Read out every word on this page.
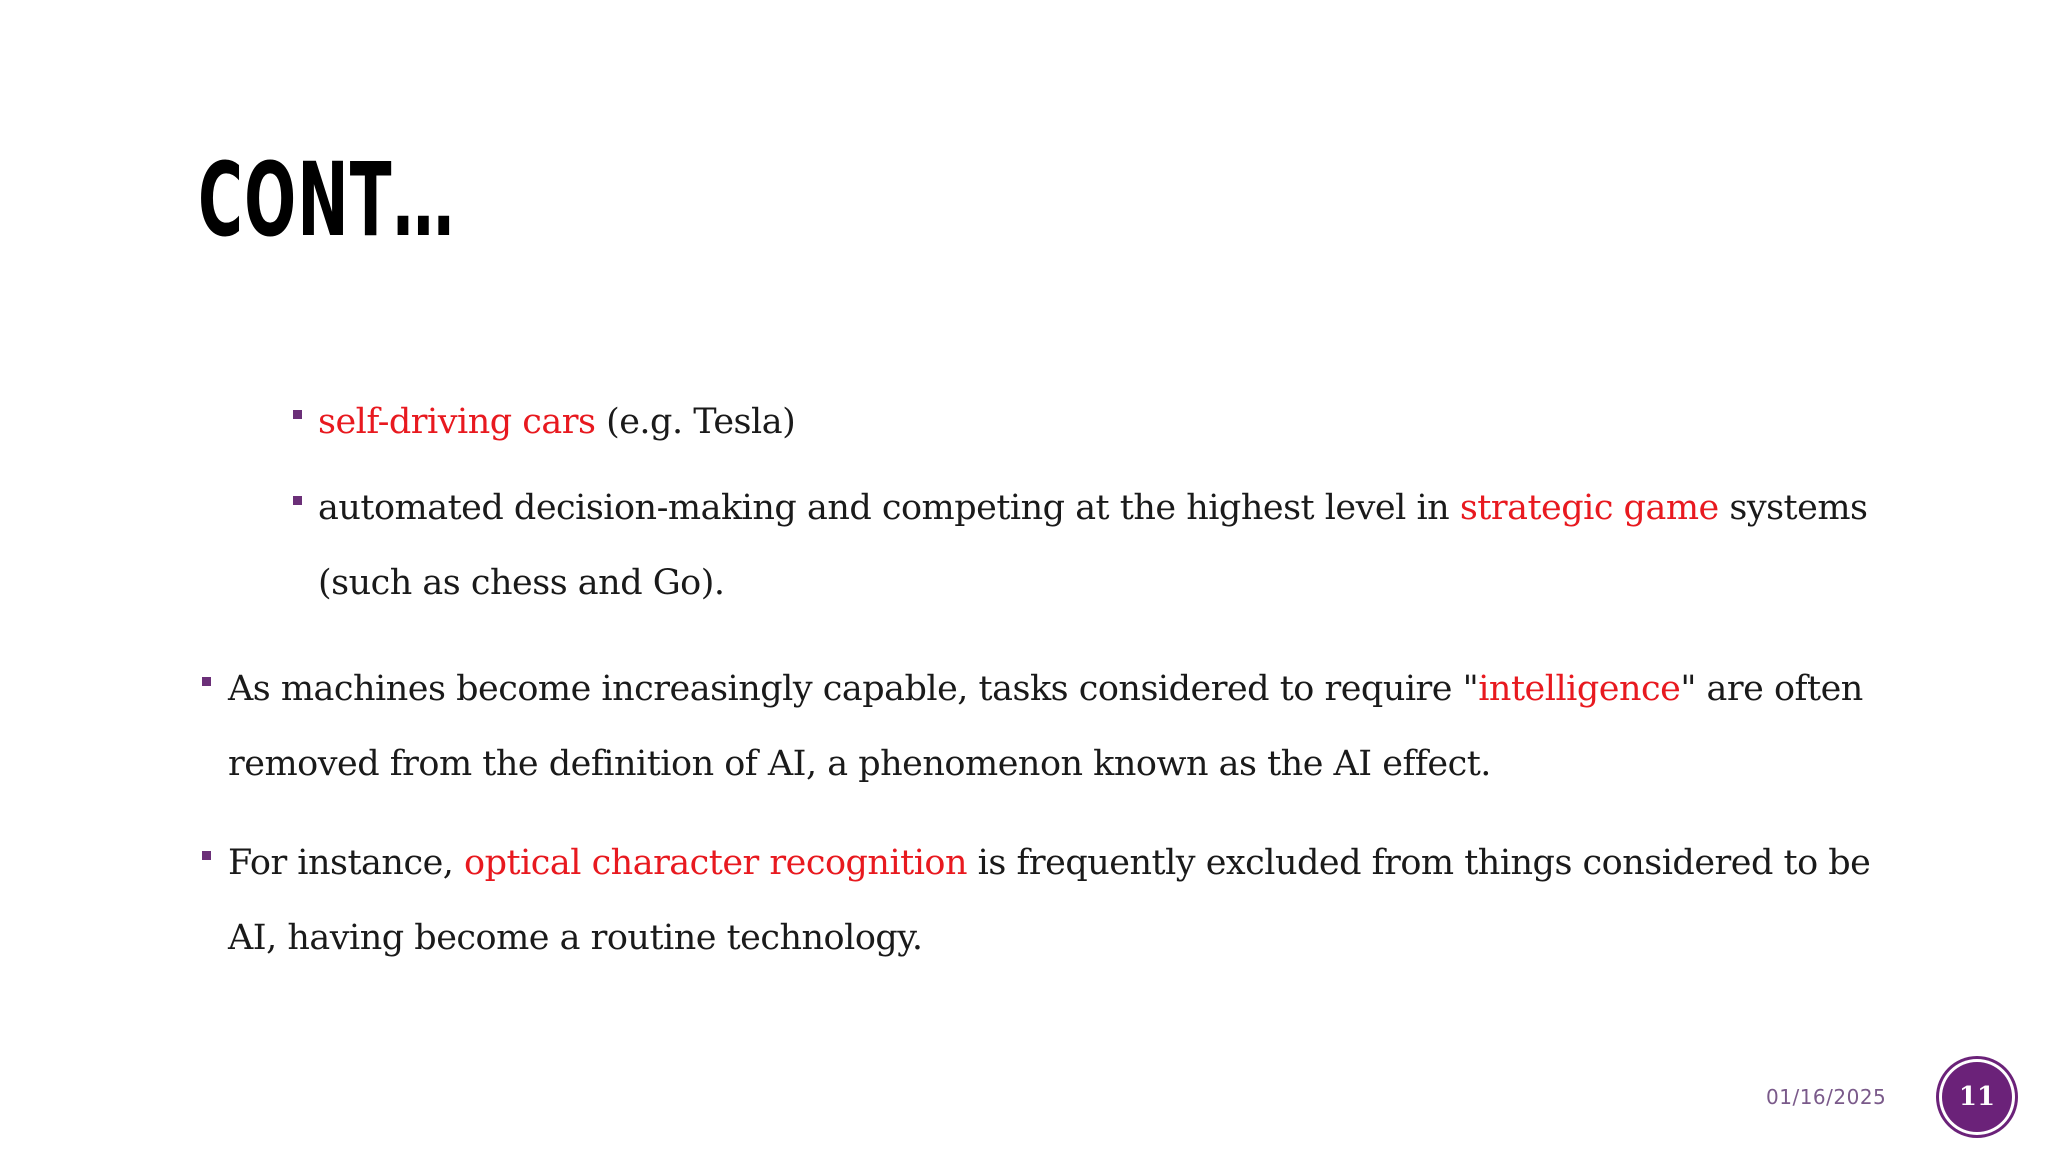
CONT…
self-driving cars (e.g. Tesla)
automated decision-making and competing at the highest level in strategic game systems (such as chess and Go).
As machines become increasingly capable, tasks considered to require "intelligence" are often removed from the definition of AI, a phenomenon known as the AI effect.
For instance, optical character recognition is frequently excluded from things considered to be AI, having become a routine technology.
01/16/2025	11
